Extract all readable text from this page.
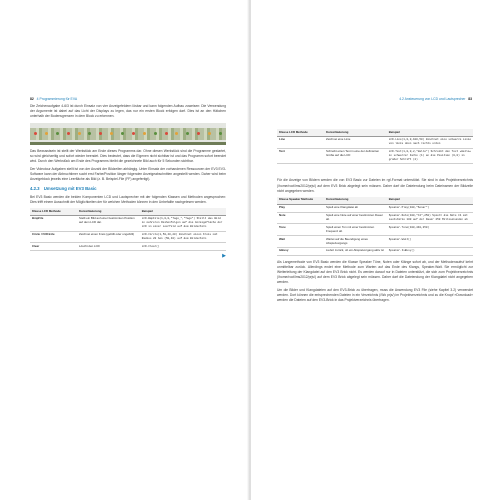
82 4 Programmierung für EVA

Die Zeichenaufgabe 4-6/3 ist durch Einsatz von vier Anzeigefeldern lösbar und kann folgenden Aufbau zuweisen: Die Verwendung der Argumente ist dabei auf das Licht der Displays zu legen, das nur ein ersten Block erfolgen darf. Dies ist an den Häkchen unterhalb der Bodensgrenzen in dem Block zu erkennen.

Das Bewusstsein ist stellt der Werkstück am Ende dieses Programms dar. Ohne diesen Werkstück sind die Programme gestartet, so wird gleichzeitig und sofort wieder beendet. Dies bedeutet, dass die Eigenen nicht sichtbar ist und das Programm sofort beendet wird. Durch den Werkstück am Ende des Programms bleibt die gezeichnete Bild auch für 5 Sekunden sichtbar.

Der Videotour Aufgaben stellt ist von der Anzahl der Bildzeilen abhängig. Unter Einsatz der vorhandenen Ressourcen der EV3 EV3-Software kann der Abbruchtimer sucht erst Farbe/Position länger folgenden Anzeigeabschnitten angestellt werden. Daher wird beim Anzeigeblock jeweils eine Leerfläche als Bild (z. B. Beispiel-File (FF) angefertigt).

4.2.3 Umsetzung mit EV3 Basic

Bei EV3 Basic werden die beiden Komponenten LCD und Lautsprecher mit der folgenden Klassen und Methoden angesprochen: Dies trifft einem Ausschnitt der Möglichkeiten der für welchen Methoden können in den Unbefallte nachgelesen werden.

Klasse LCD Methode	Kurzerläuterung	Beispiel
BmpFile	Stellt ein Bild auf einer bestimmten Position auf dem LCD dar.	LCD.BmpFile(1,0,0,"Tage_","Tage") Stellt das Bild in mehreren Reihenfolgen auf die Anzeigefläche der LCD in einer Leerfeld auf dem Bildschirm
Circle / FillCircle	Zeichnet einen Kreis (gefüllt oder ungefüllt)	LCD.Circle(1,50,40,20) Zeichnet einen Kreis mit Radius 20 bei (50,40) auf dem Bildschirm
Clear	Löscht den LCD	LCD.Clear()
▶
4.2 Ansteuerung von LCD und Lautsprecher 83
Klasse LCD Methode	Kurzerläuterung	Beispiel
Line	Zeichnet eine Linie	LCD.Line(1,0,0,100,50) Zeichnet eine schwarze Linie von links oben nach rechts unten
Text	Schreibt einen Text in eine der definierten Größe auf die LCD	LCD.Text(1,0,0,2,"Hallo") Schreibt den Text »Hallo« in schwarzer Farbe (1) an die Position (0,0) in großer Schrift (2)

Für die Anzeige von Bildern werden die von EV3 Basic zur Dateien im rgf-Format unterstützt. Sie sind in das Projektverzeichnis (/home/root/lms2012/prjs/) auf dem EV3 Brick abgelegt sein müssen. Daher darf die Dateiendung beim Dateinamen der Bildzeile nicht angegeben werden.

Klasse Speaker Methode	Kurzerläuterung	Beispiel
Play	Spielt eine Klangdatei ab	Speaker.Play(100,"Sonar")
Note	Spielt eine Note auf einer bestimmten Dauer ab	Speaker.Note(100,"C4",250) Spielt die Note C4 mit Lautstärke 100 auf der Dauer 250 Millisekunden ab
Tone	Spielt einen Ton mit einer bestimmten Frequenz ab	Speaker.Tone(100,440,250)
Wait	Wartet auf die Beendigung eines Abspielvorgangs	Speaker.Wait()
IsBusy	Liefert zurück, ob ein Abspielvorgang aktiv ist	Speaker.IsBusy()

Als Langemethode von EV3 Basic werden die Klasse Speaker Töne, Noten oder Klänge sofort ab, und der Methodenaufruf kehrt unmittelbar zurück. Allerdings endet eine Methode zum Warten auf das Ende des Klangs, Speaker.Wait. Sie ermöglicht zur Weiterleitung der Klangdatei auf den EV3 Brick nicht. Es werden darauf nur in Dateien unterstützt, die sich zum Projektverzeichnis (/home/root/lms2012/prjs/) auf dem EV3 Brick abgelegt sein müssen. Daher darf die Dateiendung der Klangdatei nicht angegeben werden.

Um die Bilder und Klangdateien auf den EV3-Brick zu übertragen, muss die Anwendung EV3 File (siehe Kapitel 3.2) verwendet werden. Dort können die entsprechenden Dateien in ein Verzeichnis (/Wo prjs/) im Projektverzeichnis und zu die Knopf »Download« werden die Dateien auf den EV3-Brick in das Projektverzeichnis übertragen.
